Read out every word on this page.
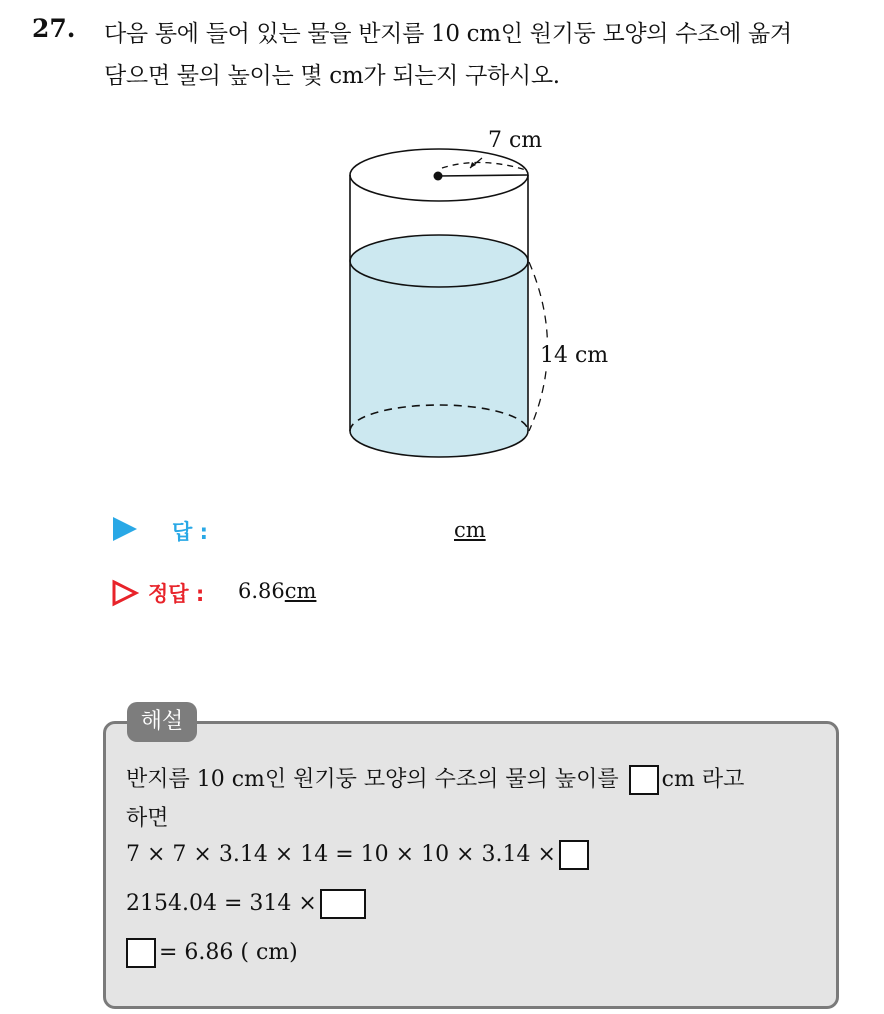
27. 다음 통에 들어 있는 물을 반지름 10 cm인 원기둥 모양의 수조에 옮겨
담으면 물의 높이는 몇 cm가 되는지 구하시오.
7 cm
14 cm
답 :	cm
정답 : 6.86cm
해설
반지름 10 cm인 원기둥 모양의 수조의 물의 높이를 cm 라고
하면
7 × 7 × 3.14 × 14 = 10 × 10 × 3.14 ×
2154.04 = 314 ×
= 6.86 ( cm)
